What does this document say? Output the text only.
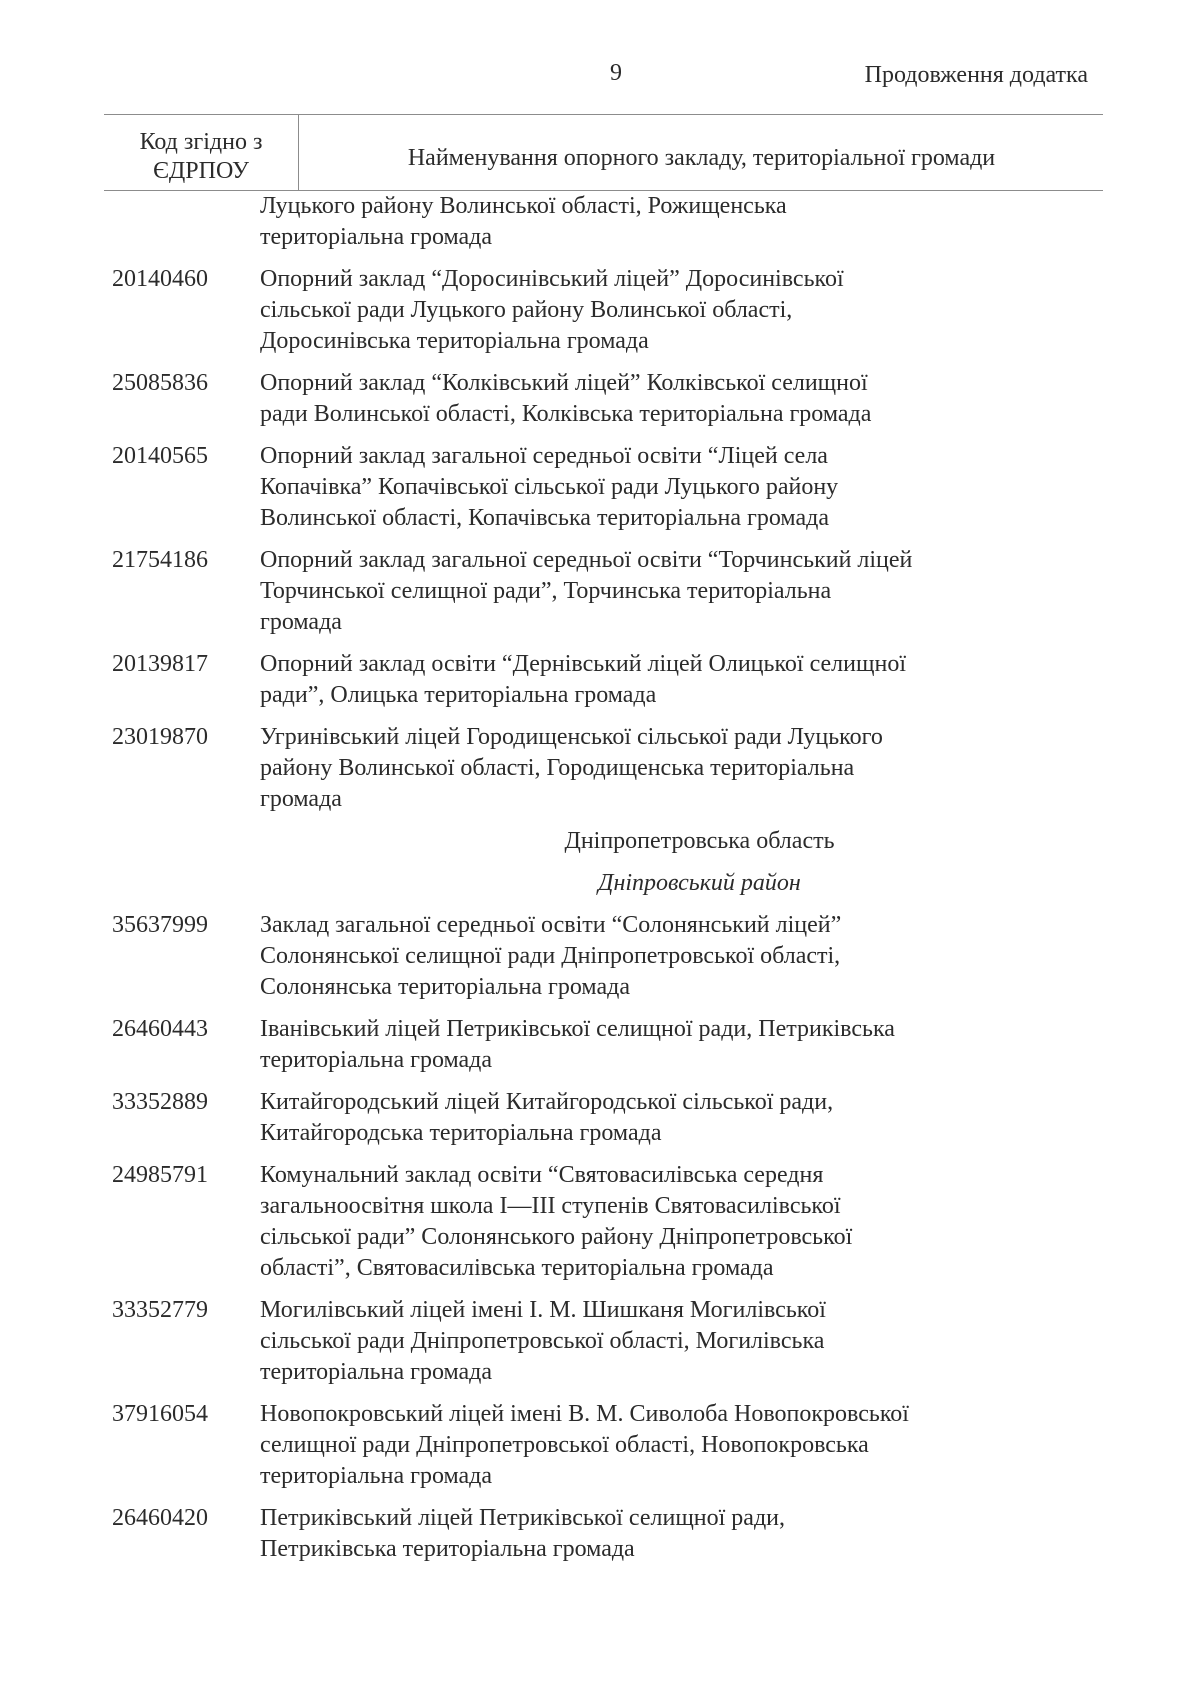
9	Продовження додатка
Код згідно з
ЄДРПОУ	Найменування опорного закладу, територіальної громади
Луцького району Волинської області, Рожищенська
територіальна громада
20140460	Опорний заклад “Доросинівський ліцей” Доросинівської
сільської ради Луцького району Волинської області,
Доросинівська територіальна громада
25085836	Опорний заклад “Колківський ліцей” Колківської селищної
ради Волинської області, Колківська територіальна громада
20140565	Опорний заклад загальної середньої освіти “Ліцей села
Копачівка” Копачівської сільської ради Луцького району
Волинської області, Копачівська територіальна громада
21754186	Опорний заклад загальної середньої освіти “Торчинський ліцей
Торчинської селищної ради”, Торчинська територіальна
громада
20139817	Опорний заклад освіти “Дернівський ліцей Олицької селищної
ради”, Олицька територіальна громада
23019870	Угринівський ліцей Городищенської сільської ради Луцького
району Волинської області, Городищенська територіальна
громада
Дніпропетровська область
Дніпровський район
35637999	Заклад загальної середньої освіти “Солонянський ліцей”
Солонянської селищної ради Дніпропетровської області,
Солонянська територіальна громада
26460443	Іванівський ліцей Петриківської селищної ради, Петриківська
територіальна громада
33352889	Китайгородський ліцей Китайгородської сільської ради,
Китайгородська територіальна громада
24985791	Комунальний заклад освіти “Святовасилівська середня
загальноосвітня школа I—III ступенів Святовасилівської
сільської ради” Солонянського району Дніпропетровської
області”, Святовасилівська територіальна громада
33352779	Могилівський ліцей імені І. М. Шишканя Могилівської
сільської ради Дніпропетровської області, Могилівська
територіальна громада
37916054	Новопокровський ліцей імені В. М. Сиволоба Новопокровської
селищної ради Дніпропетровської області, Новопокровська
територіальна громада
26460420	Петриківський ліцей Петриківської селищної ради,
Петриківська територіальна громада
